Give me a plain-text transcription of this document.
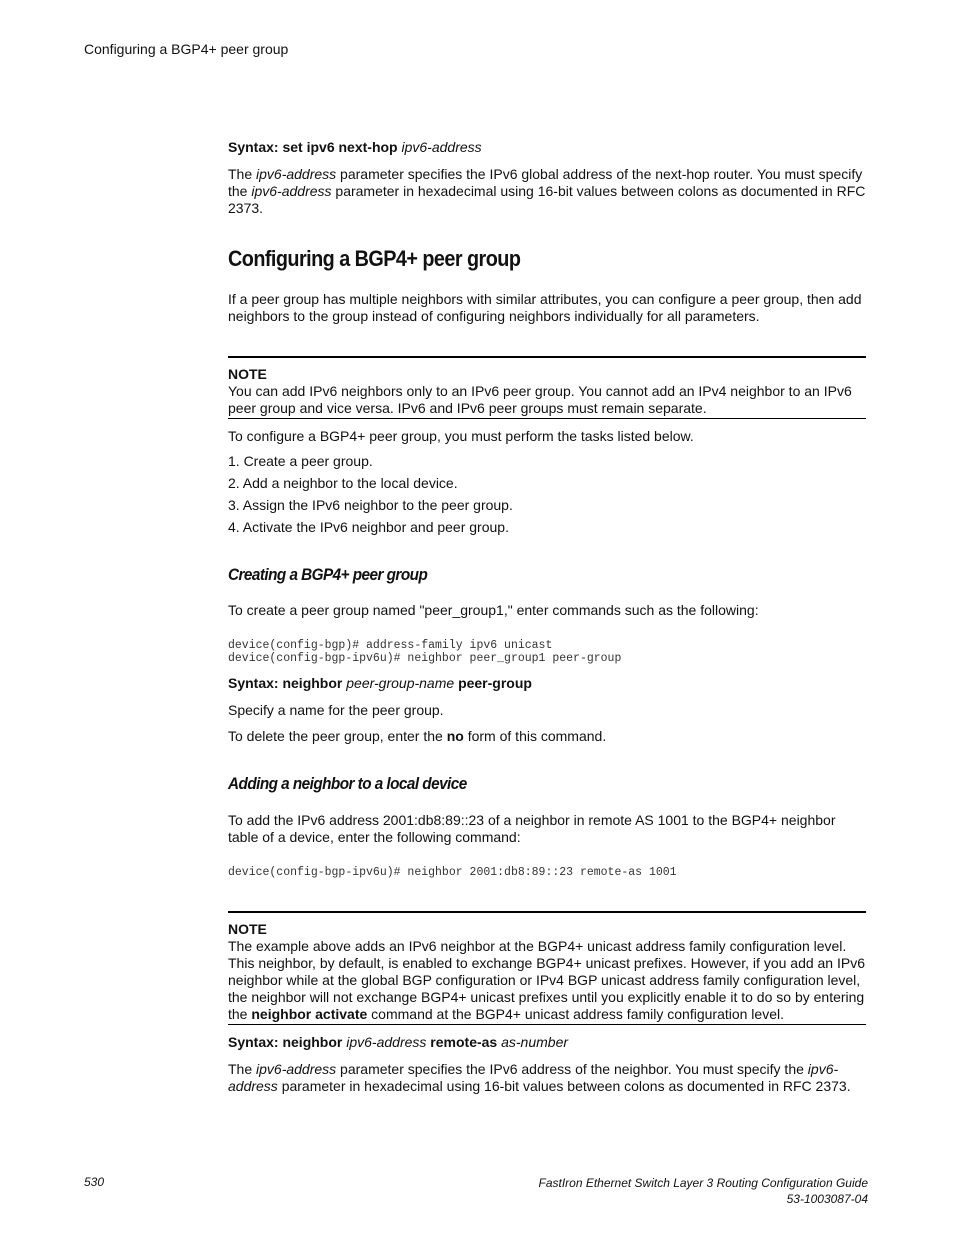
Configuring a BGP4+ peer group

Syntax: set ipv6 next-hop ipv6-address

The ipv6-address parameter specifies the IPv6 global address of the next-hop router. You must specify the ipv6-address parameter in hexadecimal using 16-bit values between colons as documented in RFC 2373.

Configuring a BGP4+ peer group

If a peer group has multiple neighbors with similar attributes, you can configure a peer group, then add neighbors to the group instead of configuring neighbors individually for all parameters.

NOTE

You can add IPv6 neighbors only to an IPv6 peer group. You cannot add an IPv4 neighbor to an IPv6 peer group and vice versa. IPv6 and IPv6 peer groups must remain separate.

To configure a BGP4+ peer group, you must perform the tasks listed below.

1. Create a peer group.
2. Add a neighbor to the local device.
3. Assign the IPv6 neighbor to the peer group.
4. Activate the IPv6 neighbor and peer group.
Creating a BGP4+ peer group

To create a peer group named "peer_group1," enter commands such as the following:

device(config-bgp)# address-family ipv6 unicast
device(config-bgp-ipv6u)# neighbor peer_group1 peer-group

Syntax: neighbor peer-group-name peer-group

Specify a name for the peer group.

To delete the peer group, enter the no form of this command.

Adding a neighbor to a local device

To add the IPv6 address 2001:db8:89::23 of a neighbor in remote AS 1001 to the BGP4+ neighbor table of a device, enter the following command:

device(config-bgp-ipv6u)# neighbor 2001:db8:89::23 remote-as 1001

NOTE

The example above adds an IPv6 neighbor at the BGP4+ unicast address family configuration level. This neighbor, by default, is enabled to exchange BGP4+ unicast prefixes. However, if you add an IPv6 neighbor while at the global BGP configuration or IPv4 BGP unicast address family configuration level, the neighbor will not exchange BGP4+ unicast prefixes until you explicitly enable it to do so by entering the neighbor activate command at the BGP4+ unicast address family configuration level.

Syntax: neighbor ipv6-address remote-as as-number

The ipv6-address parameter specifies the IPv6 address of the neighbor. You must specify the ipv6-address parameter in hexadecimal using 16-bit values between colons as documented in RFC 2373.

530	FastIron Ethernet Switch Layer 3 Routing Configuration Guide
53-1003087-04
